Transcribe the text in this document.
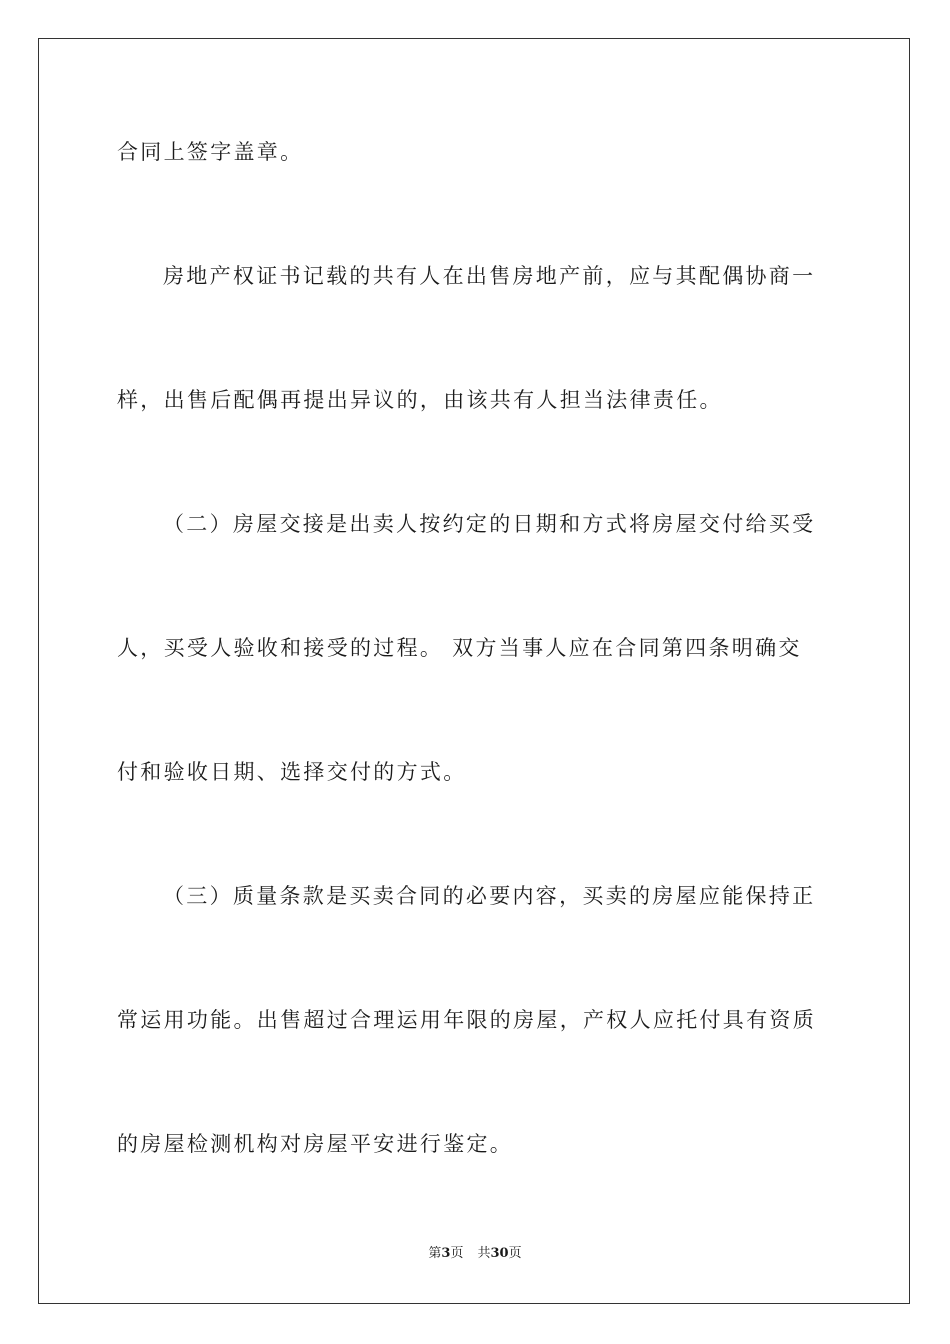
合同上签字盖章。
房地产权证书记载的共有人在出售房地产前，应与其配偶协商一
样，出售后配偶再提出异议的，由该共有人担当法律责任。
（二）房屋交接是出卖人按约定的日期和方式将房屋交付给买受
人，买受人验收和接受的过程。 双方当事人应在合同第四条明确交
付和验收日期、选择交付的方式。
（三）质量条款是买卖合同的必要内容，买卖的房屋应能保持正
常运用功能。出售超过合理运用年限的房屋，产权人应托付具有资质
的房屋检测机构对房屋平安进行鉴定。
第3页 共30页
